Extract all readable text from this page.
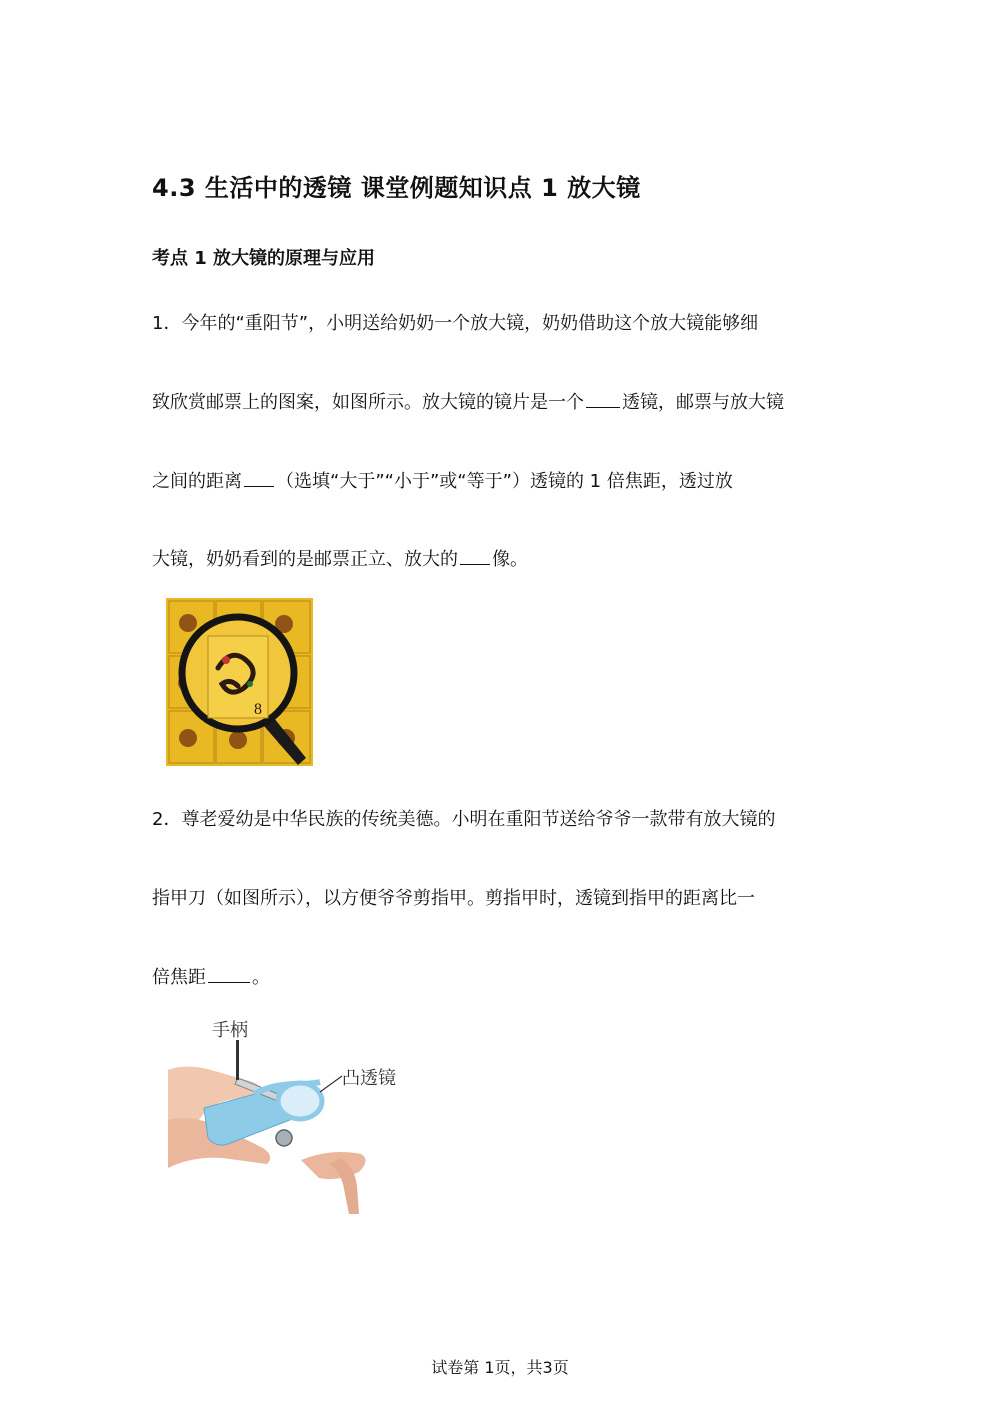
4.3 生活中的透镜 课堂例题知识点 1 放大镜
考点 1 放大镜的原理与应用
1．今年的“重阳节”，小明送给奶奶一个放大镜，奶奶借助这个放大镜能够细
致欣赏邮票上的图案，如图所示。放大镜的镜片是一个 透镜，邮票与放大镜
之间的距离 （选填“大于”“小于”或“等于”）透镜的 1 倍焦距，透过放
大镜，奶奶看到的是邮票正立、放大的 像。
8
2．尊老爱幼是中华民族的传统美德。小明在重阳节送给爷爷一款带有放大镜的
指甲刀（如图所示），以方便爷爷剪指甲。剪指甲时，透镜到指甲的距离比一
倍焦距	。
手柄
凸透镜
试卷第 1页，共3页
